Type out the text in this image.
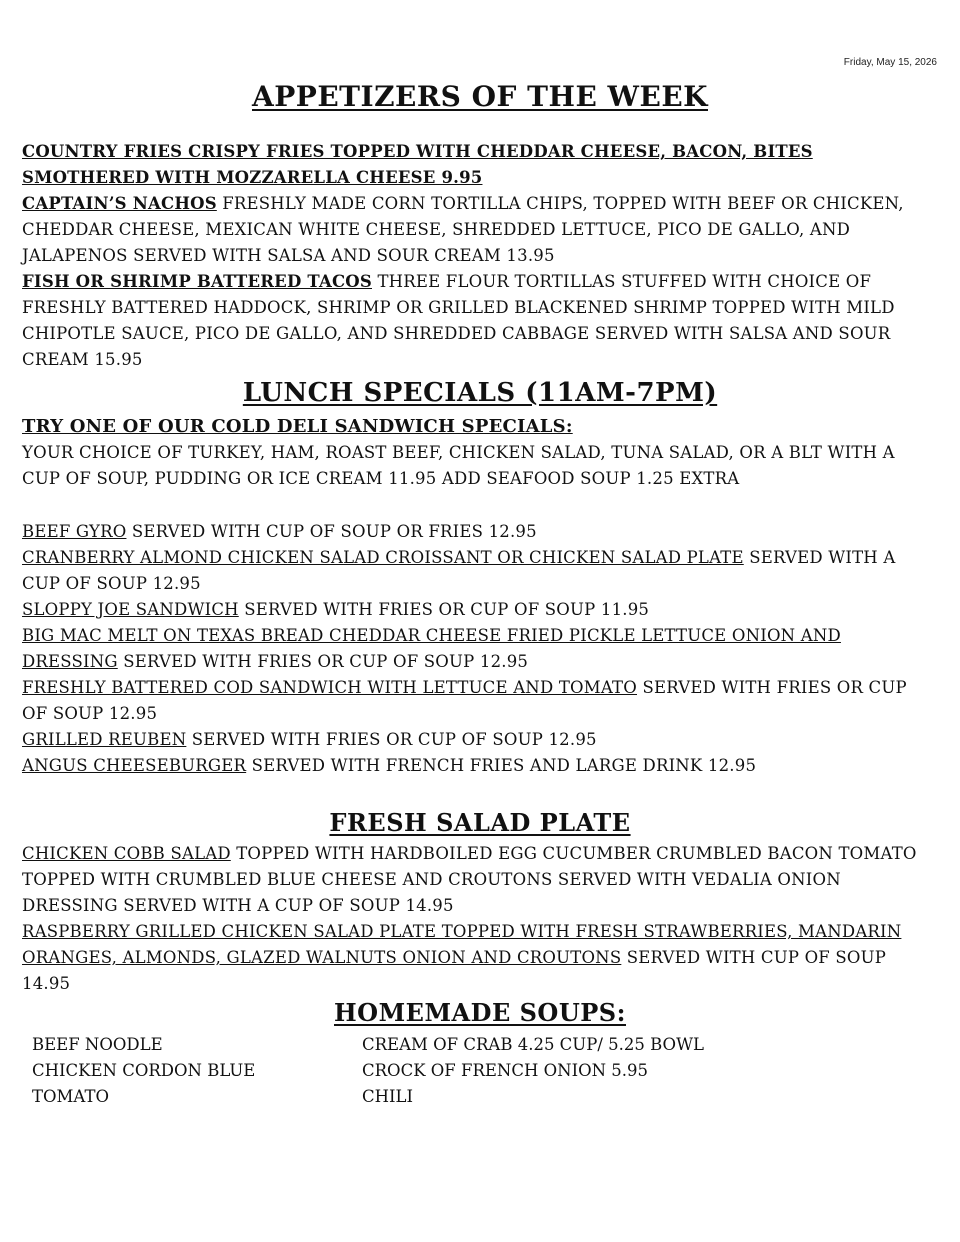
Friday, May 15, 2026
APPETIZERS OF THE WEEK

COUNTRY FRIES CRISPY FRIES TOPPED WITH CHEDDAR CHEESE, BACON, BITES SMOTHERED WITH MOZZARELLA CHEESE 9.95

CAPTAIN’S NACHOS FRESHLY MADE CORN TORTILLA CHIPS, TOPPED WITH BEEF OR CHICKEN, CHEDDAR CHEESE, MEXICAN WHITE CHEESE, SHREDDED LETTUCE, PICO DE GALLO, AND JALAPENOS SERVED WITH SALSA AND SOUR CREAM 13.95

FISH OR SHRIMP BATTERED TACOS THREE FLOUR TORTILLAS STUFFED WITH CHOICE OF FRESHLY BATTERED HADDOCK, SHRIMP OR GRILLED BLACKENED SHRIMP TOPPED WITH MILD CHIPOTLE SAUCE, PICO DE GALLO, AND SHREDDED CABBAGE SERVED WITH SALSA AND SOUR CREAM 15.95

LUNCH SPECIALS (11AM-7PM)

TRY ONE OF OUR COLD DELI SANDWICH SPECIALS:

YOUR CHOICE OF TURKEY, HAM, ROAST BEEF, CHICKEN SALAD, TUNA SALAD, OR A BLT WITH A CUP OF SOUP, PUDDING OR ICE CREAM 11.95 ADD SEAFOOD SOUP 1.25 EXTRA

BEEF GYRO SERVED WITH CUP OF SOUP OR FRIES 12.95

CRANBERRY ALMOND CHICKEN SALAD CROISSANT OR CHICKEN SALAD PLATE SERVED WITH A CUP OF SOUP 12.95

SLOPPY JOE SANDWICH SERVED WITH FRIES OR CUP OF SOUP 11.95

BIG MAC MELT ON TEXAS BREAD CHEDDAR CHEESE FRIED PICKLE LETTUCE ONION AND DRESSING SERVED WITH FRIES OR CUP OF SOUP 12.95

FRESHLY BATTERED COD SANDWICH WITH LETTUCE AND TOMATO SERVED WITH FRIES OR CUP OF SOUP 12.95

GRILLED REUBEN SERVED WITH FRIES OR CUP OF SOUP 12.95

ANGUS CHEESEBURGER SERVED WITH FRENCH FRIES AND LARGE DRINK 12.95

FRESH SALAD PLATE

CHICKEN COBB SALAD TOPPED WITH HARDBOILED EGG CUCUMBER CRUMBLED BACON TOMATO TOPPED WITH CRUMBLED BLUE CHEESE AND CROUTONS SERVED WITH VEDALIA ONION DRESSING SERVED WITH A CUP OF SOUP 14.95

RASPBERRY GRILLED CHICKEN SALAD PLATE TOPPED WITH FRESH STRAWBERRIES, MANDARIN ORANGES, ALMONDS, GLAZED WALNUTS ONION AND CROUTONS SERVED WITH CUP OF SOUP 14.95

HOMEMADE SOUPS:
BEEF NOODLE	CREAM OF CRAB 4.25 CUP/ 5.25 BOWL
CHICKEN CORDON BLUE	CROCK OF FRENCH ONION 5.95
TOMATO	CHILI
